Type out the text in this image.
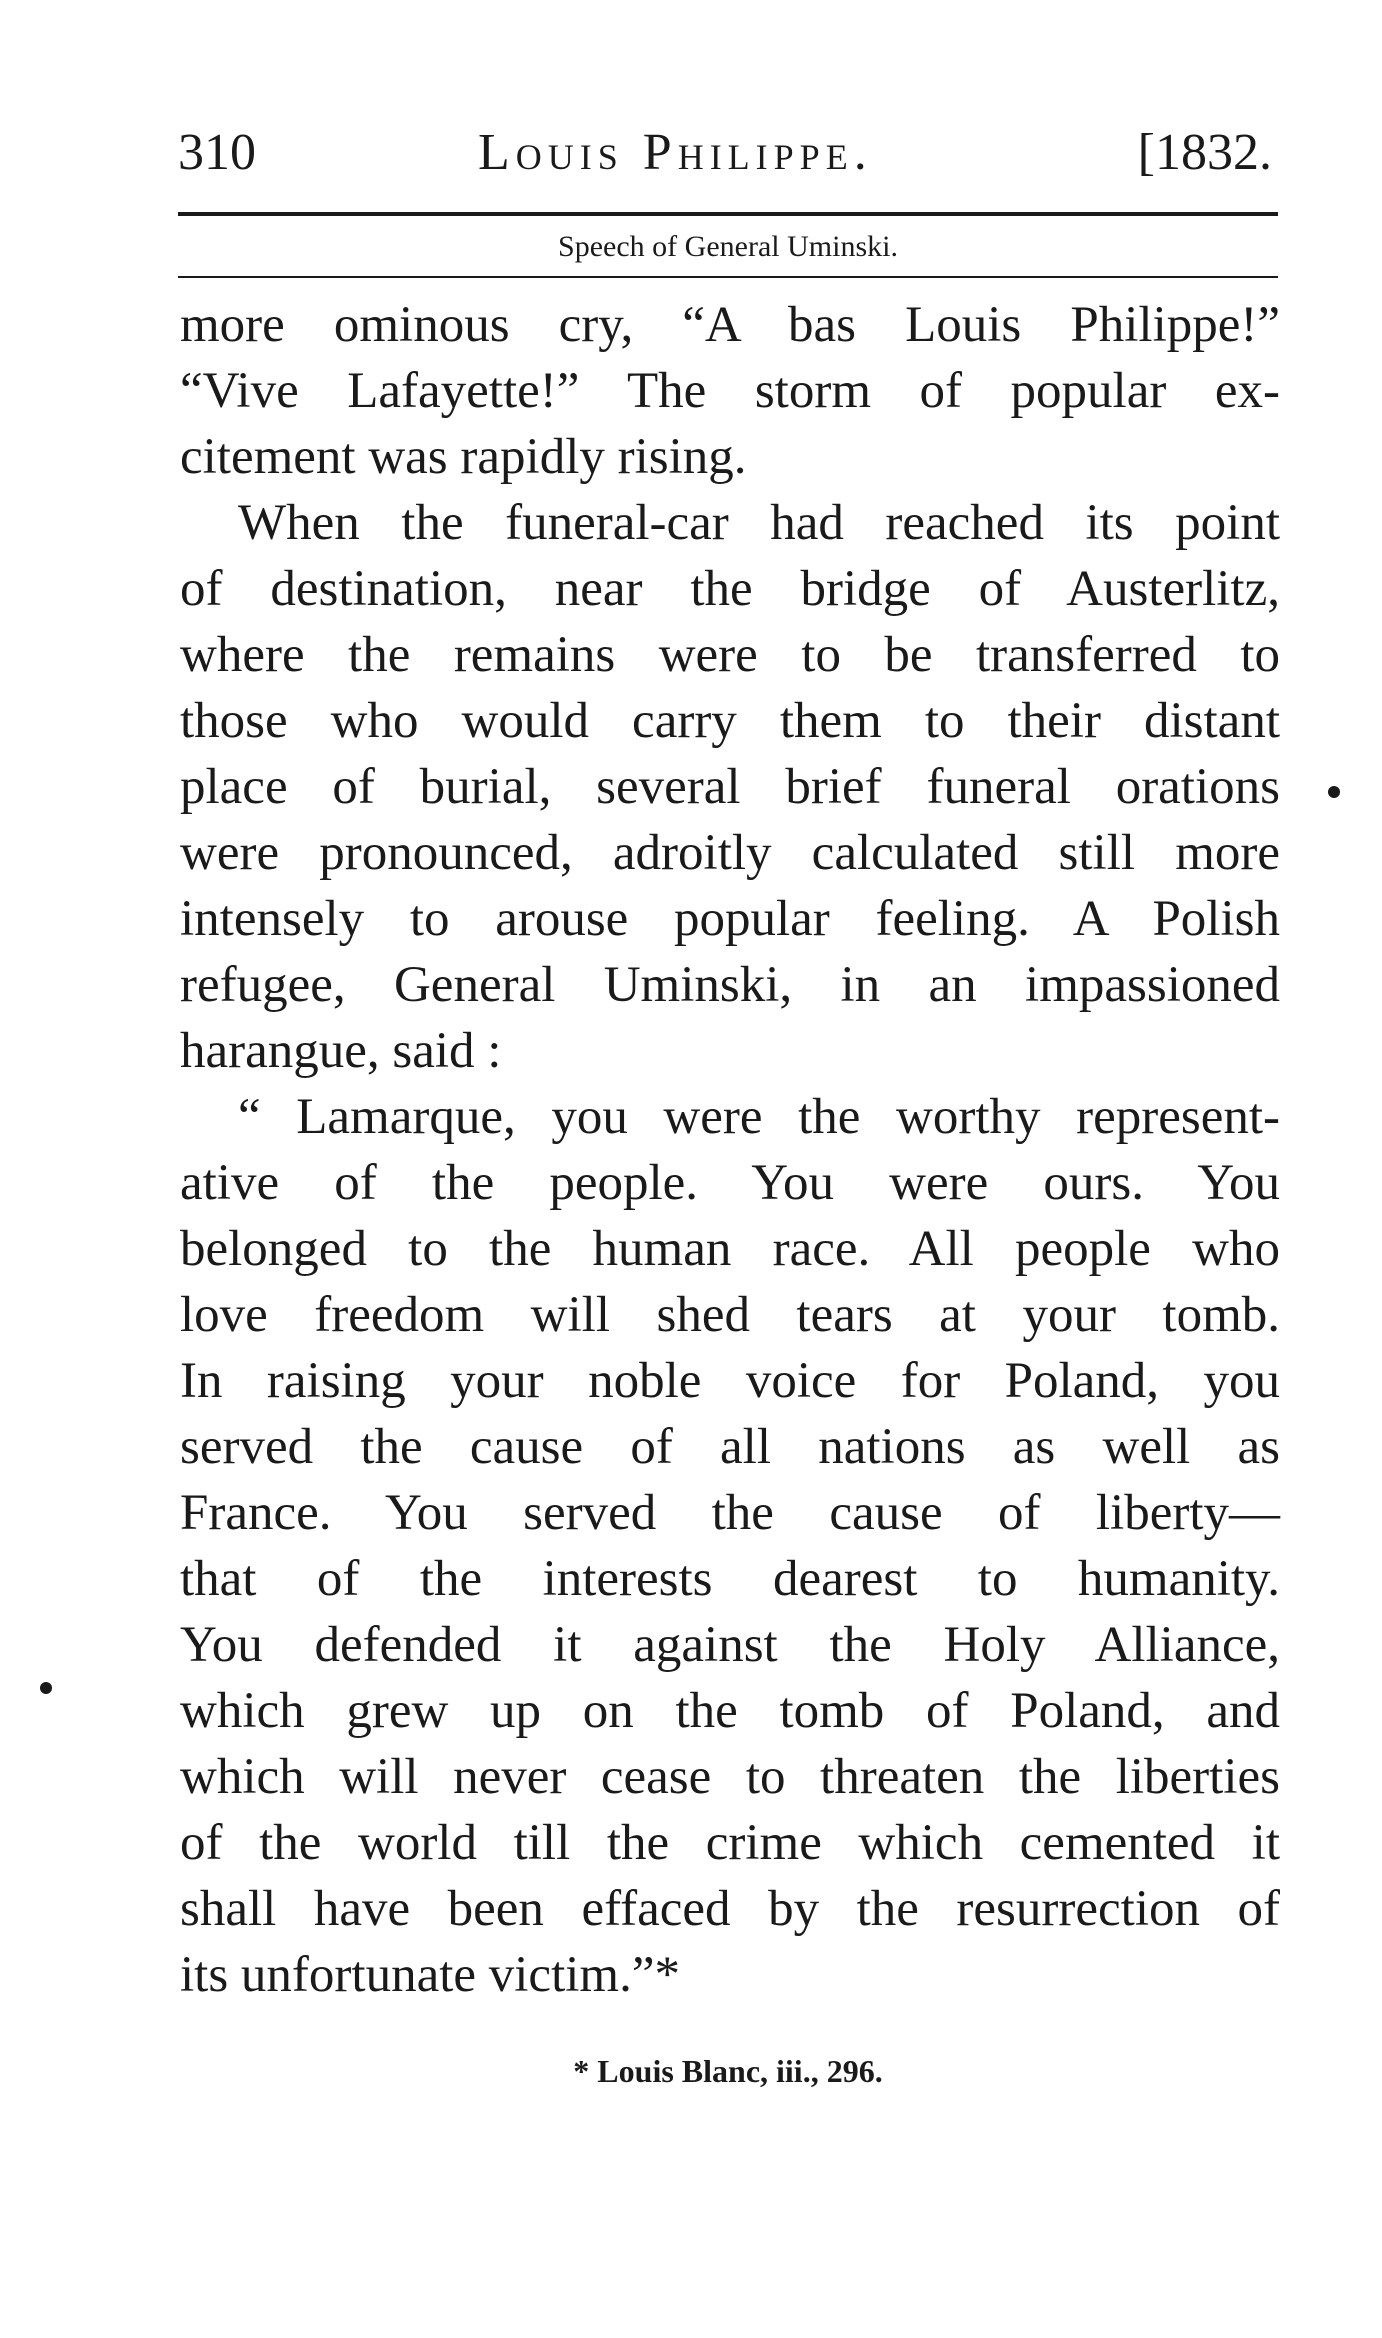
310	Louis Philippe.	[1832.
Speech of General Uminski.
more ominous cry, “A bas Louis Philippe!”
“Vive Lafayette!” The storm of popular ex-
citement was rapidly rising.
When the funeral-car had reached its point
of destination, near the bridge of Austerlitz,
where the remains were to be transferred to
those who would carry them to their distant
place of burial, several brief funeral orations
were pronounced, adroitly calculated still more
intensely to arouse popular feeling. A Polish
refugee, General Uminski, in an impassioned
harangue, said :
“ Lamarque, you were the worthy represent-
ative of the people. You were ours. You
belonged to the human race. All people who
love freedom will shed tears at your tomb.
In raising your noble voice for Poland, you
served the cause of all nations as well as
France. You served the cause of liberty—
that of the interests dearest to humanity.
You defended it against the Holy Alliance,
which grew up on the tomb of Poland, and
which will never cease to threaten the liberties
of the world till the crime which cemented it
shall have been effaced by the resurrection of
its unfortunate victim.”*
* Louis Blanc, iii., 296.
